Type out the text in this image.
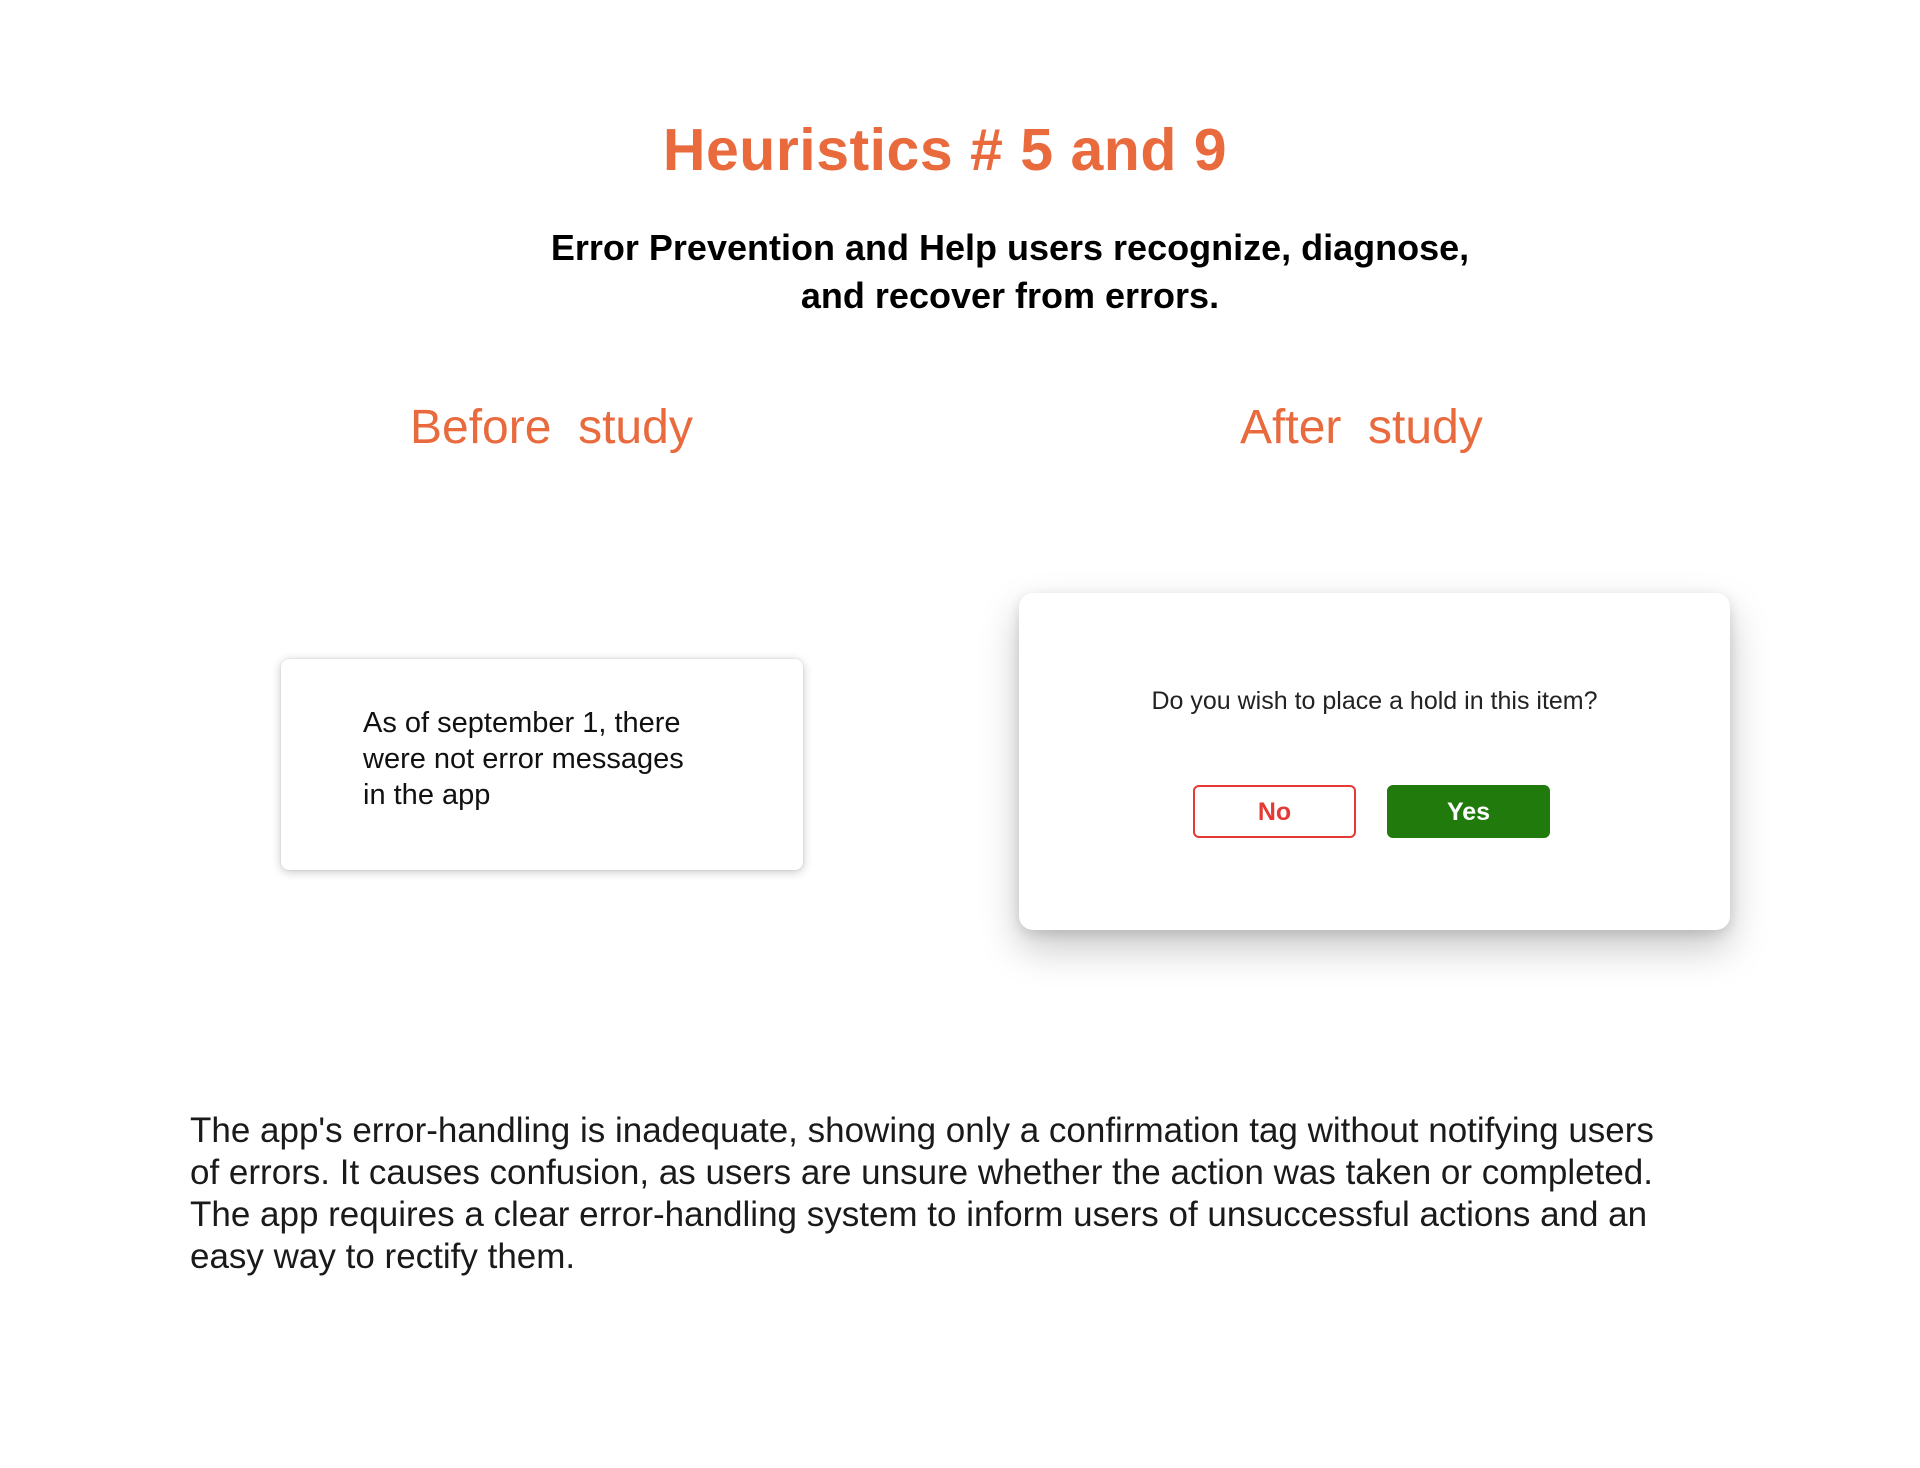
Heuristics # 5 and 9
Error Prevention and Help users recognize, diagnose,
and recover from errors.
Before  study	After  study
As of september 1, there
were not error messages
in the app
Do you wish to place a hold in this item?
No	Yes
The app's error-handling is inadequate, showing only a confirmation tag without notifying users
of errors. It causes confusion, as users are unsure whether the action was taken or completed.
The app requires a clear error-handling system to inform users of unsuccessful actions and an
easy way to rectify them.
